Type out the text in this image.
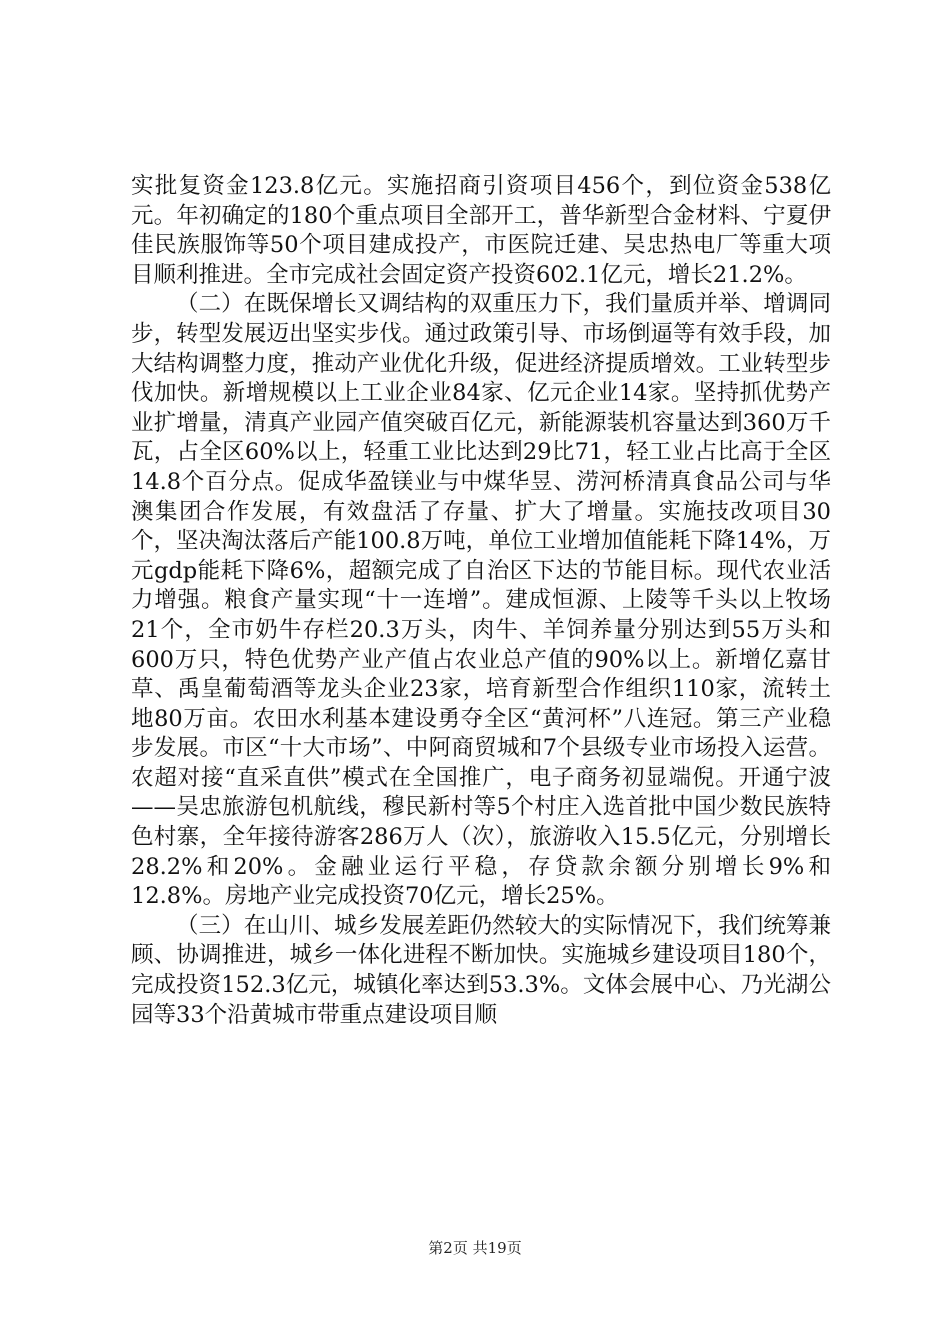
实批复资金123.8亿元。实施招商引资项目456个，到位资金538亿元。年初确定的180个重点项目全部开工，普华新型合金材料、宁夏伊佳民族服饰等50个项目建成投产，市医院迁建、吴忠热电厂等重大项目顺利推进。全市完成社会固定资产投资602.1亿元，增长21.2%。

（二）在既保增长又调结构的双重压力下，我们量质并举、增调同步，转型发展迈出坚实步伐。通过政策引导、市场倒逼等有效手段，加大结构调整力度，推动产业优化升级，促进经济提质增效。工业转型步伐加快。新增规模以上工业企业84家、亿元企业14家。坚持抓优势产业扩增量，清真产业园产值突破百亿元，新能源装机容量达到360万千瓦，占全区60%以上，轻重工业比达到29比71，轻工业占比高于全区14.8个百分点。促成华盈镁业与中煤华昱、涝河桥清真食品公司与华澳集团合作发展，有效盘活了存量、扩大了增量。实施技改项目30个，坚决淘汰落后产能100.8万吨，单位工业增加值能耗下降14%，万元gdp能耗下降6%，超额完成了自治区下达的节能目标。现代农业活力增强。粮食产量实现“十一连增”。建成恒源、上陵等千头以上牧场21个，全市奶牛存栏20.3万头，肉牛、羊饲养量分别达到55万头和600万只，特色优势产业产值占农业总产值的90%以上。新增亿嘉甘草、禹皇葡萄酒等龙头企业23家，培育新型合作组织110家，流转土地80万亩。农田水利基本建设勇夺全区“黄河杯”八连冠。第三产业稳步发展。市区“十大市场”、中阿商贸城和7个县级专业市场投入运营。农超对接“直采直供”模式在全国推广，电子商务初显端倪。开通宁波——吴忠旅游包机航线，穆民新村等5个村庄入选首批中国少数民族特色村寨，全年接待游客286万人（次），旅游收入15.5亿元，分别增长28.2%和20%。金融业运行平稳，存贷款余额分别增长9%和12.8%。房地产业完成投资70亿元，增长25%。

（三）在山川、城乡发展差距仍然较大的实际情况下，我们统筹兼顾、协调推进，城乡一体化进程不断加快。实施城乡建设项目180个，完成投资152.3亿元，城镇化率达到53.3%。文体会展中心、乃光湖公园等33个沿黄城市带重点建设项目顺

第2页 共19页
